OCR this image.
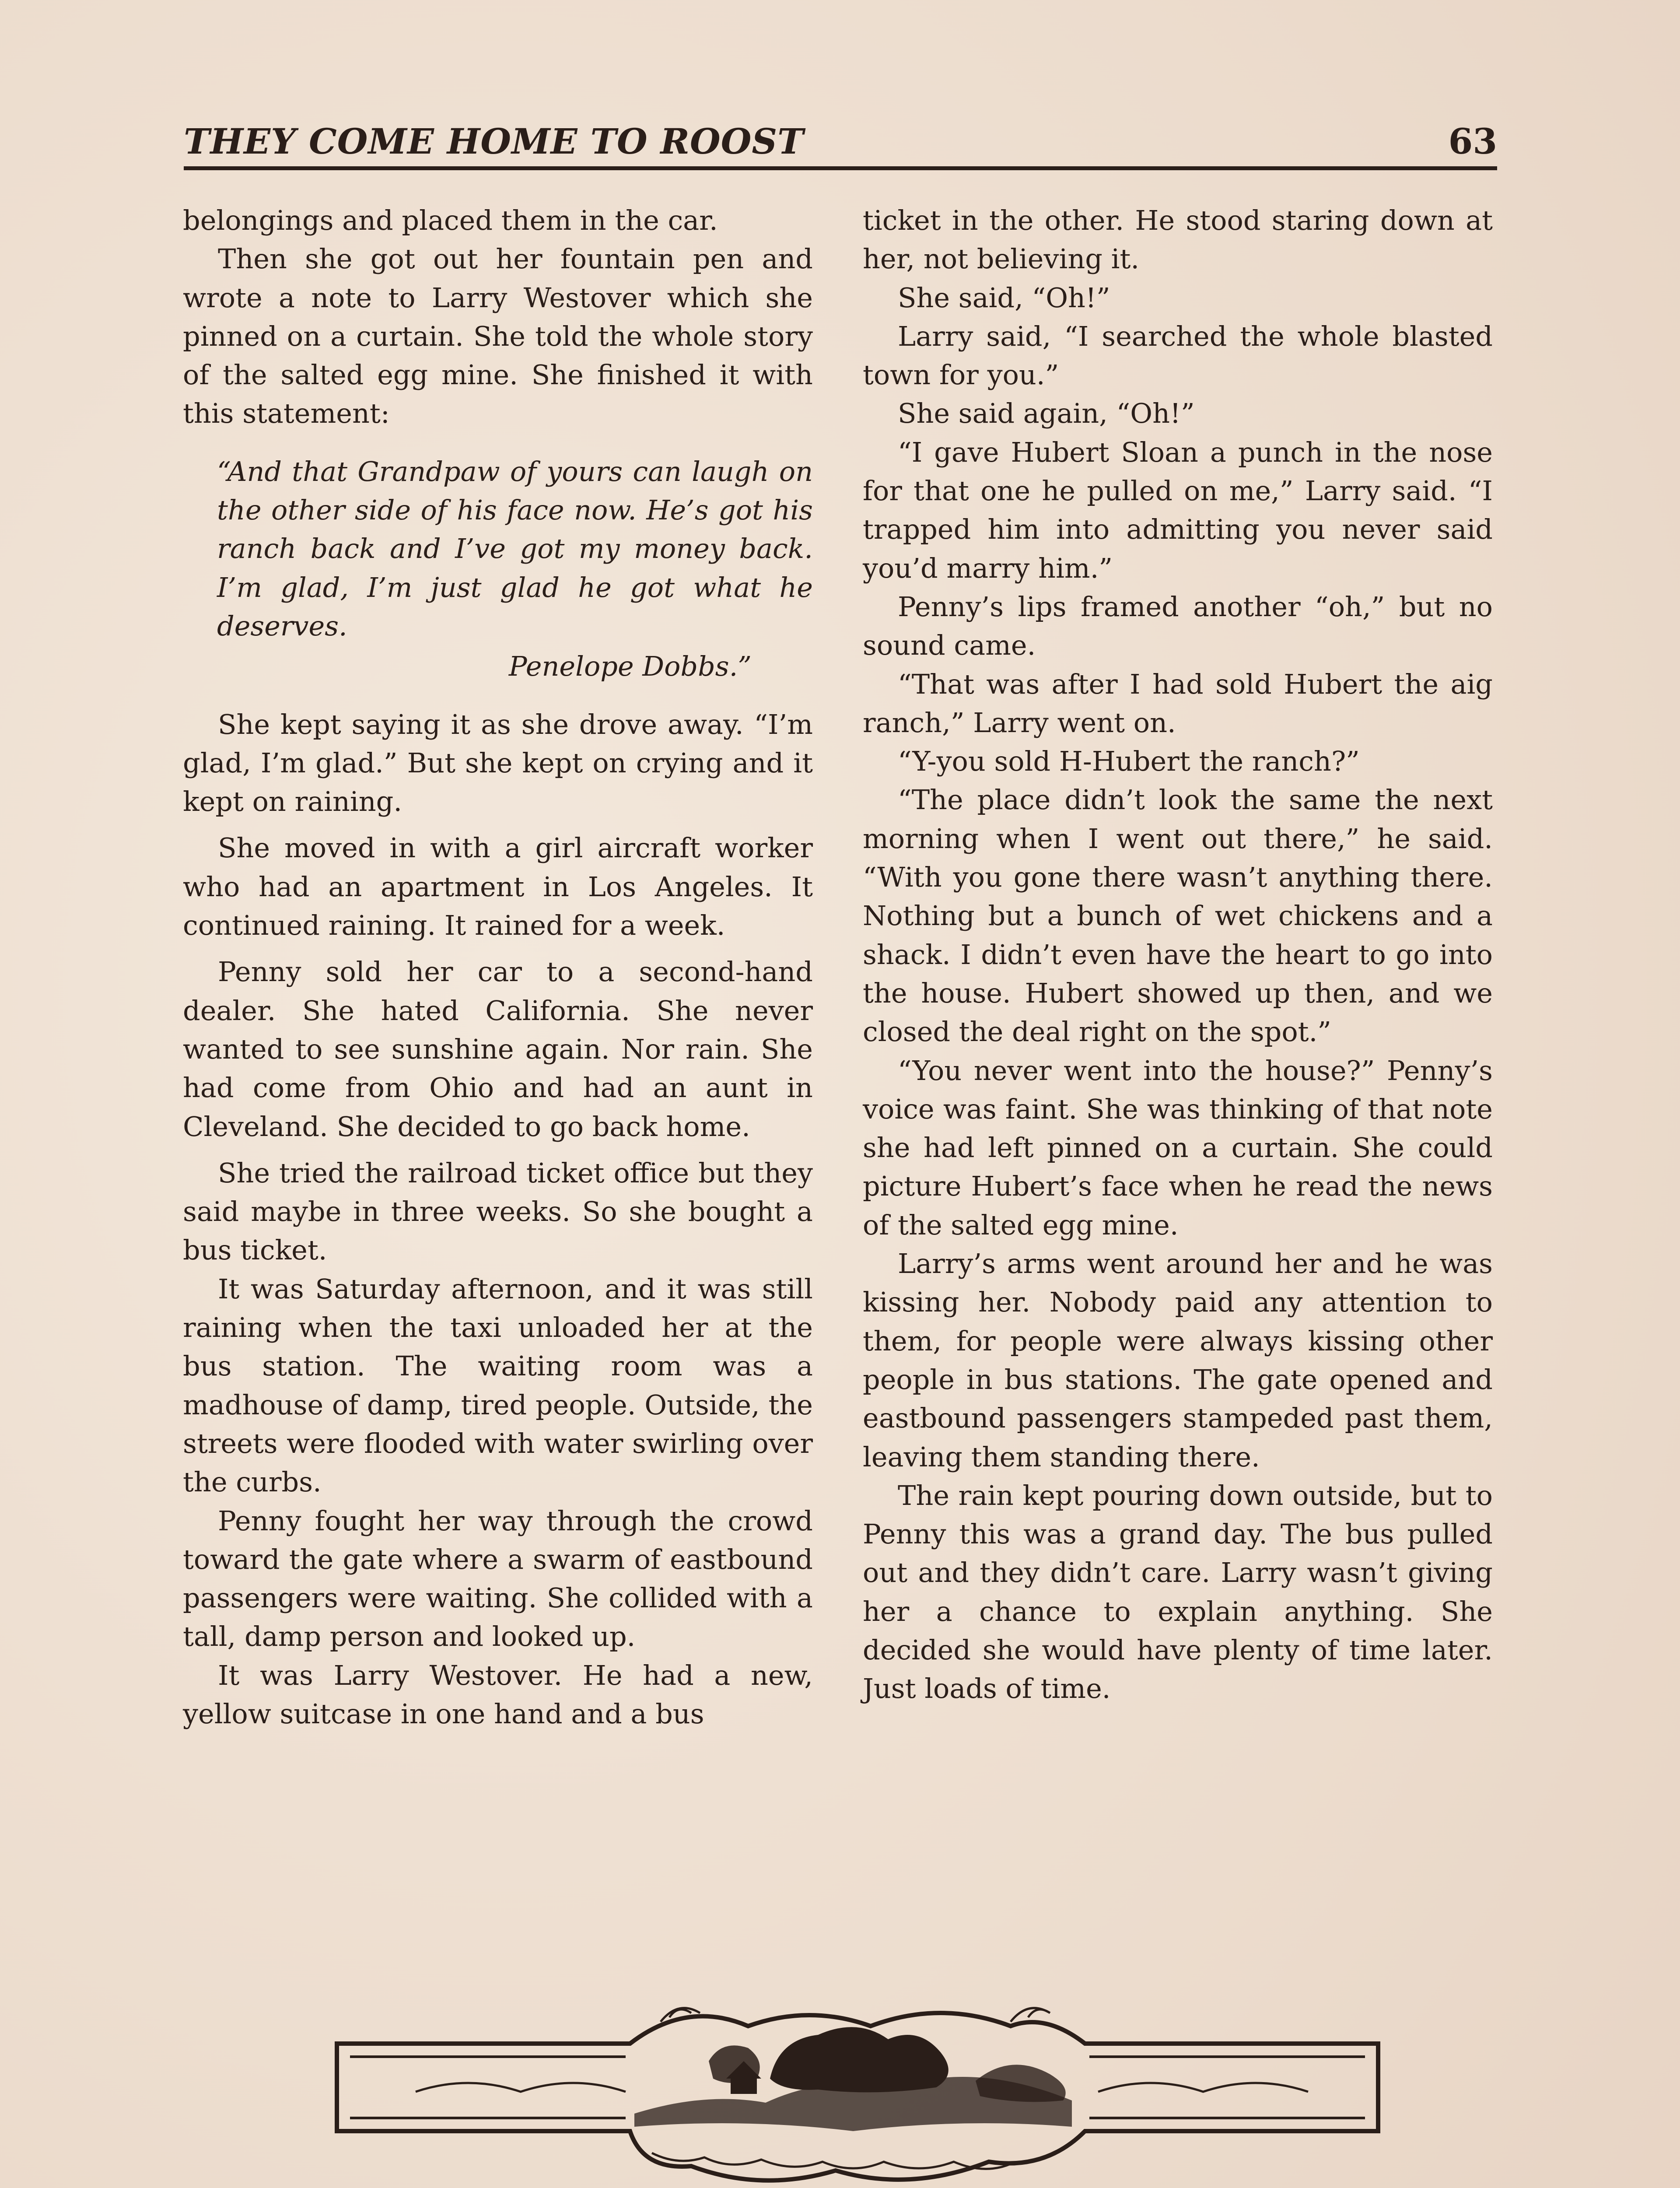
THEY COME HOME TO ROOST	63

belongings and placed them in the car.

Then she got out her fountain pen and wrote a note to Larry Westover which she pinned on a curtain. She told the whole story of the salted egg mine. She finished it with this statement:

“And that Grandpaw of yours can laugh on the other side of his face now. He’s got his ranch back and I’ve got my money back. I’m glad, I’m just glad he got what he deserves.
Penelope Dobbs.”

She kept saying it as she drove away. “I’m glad, I’m glad.” But she kept on crying and it kept on raining.

She moved in with a girl aircraft worker who had an apartment in Los Angeles. It continued raining. It rained for a week.

Penny sold her car to a second-hand dealer. She hated California. She never wanted to see sunshine again. Nor rain. She had come from Ohio and had an aunt in Cleveland. She decided to go back home.

She tried the railroad ticket office but they said maybe in three weeks. So she bought a bus ticket.

It was Saturday afternoon, and it was still raining when the taxi unloaded her at the bus station. The waiting room was a madhouse of damp, tired people. Outside, the streets were flooded with water swirling over the curbs.

Penny fought her way through the crowd toward the gate where a swarm of eastbound passengers were waiting. She collided with a tall, damp person and looked up.

It was Larry Westover. He had a new, yellow suitcase in one hand and a bus

ticket in the other. He stood staring down at her, not believing it.

She said, “Oh!”

Larry said, “I searched the whole blasted town for you.”

She said again, “Oh!”

“I gave Hubert Sloan a punch in the nose for that one he pulled on me,” Larry said. “I trapped him into admitting you never said you’d marry him.”

Penny’s lips framed another “oh,” but no sound came.

“That was after I had sold Hubert the aig ranch,” Larry went on.

“Y-you sold H-Hubert the ranch?”

“The place didn’t look the same the next morning when I went out there,” he said. “With you gone there wasn’t anything there. Nothing but a bunch of wet chickens and a shack. I didn’t even have the heart to go into the house. Hubert showed up then, and we closed the deal right on the spot.”

“You never went into the house?” Penny’s voice was faint. She was thinking of that note she had left pinned on a curtain. She could picture Hubert’s face when he read the news of the salted egg mine.

Larry’s arms went around her and he was kissing her. Nobody paid any attention to them, for people were always kissing other people in bus stations. The gate opened and eastbound passengers stampeded past them, leaving them standing there.

The rain kept pouring down outside, but to Penny this was a grand day. The bus pulled out and they didn’t care. Larry wasn’t giving her a chance to explain anything. She decided she would have plenty of time later. Just loads of time.
